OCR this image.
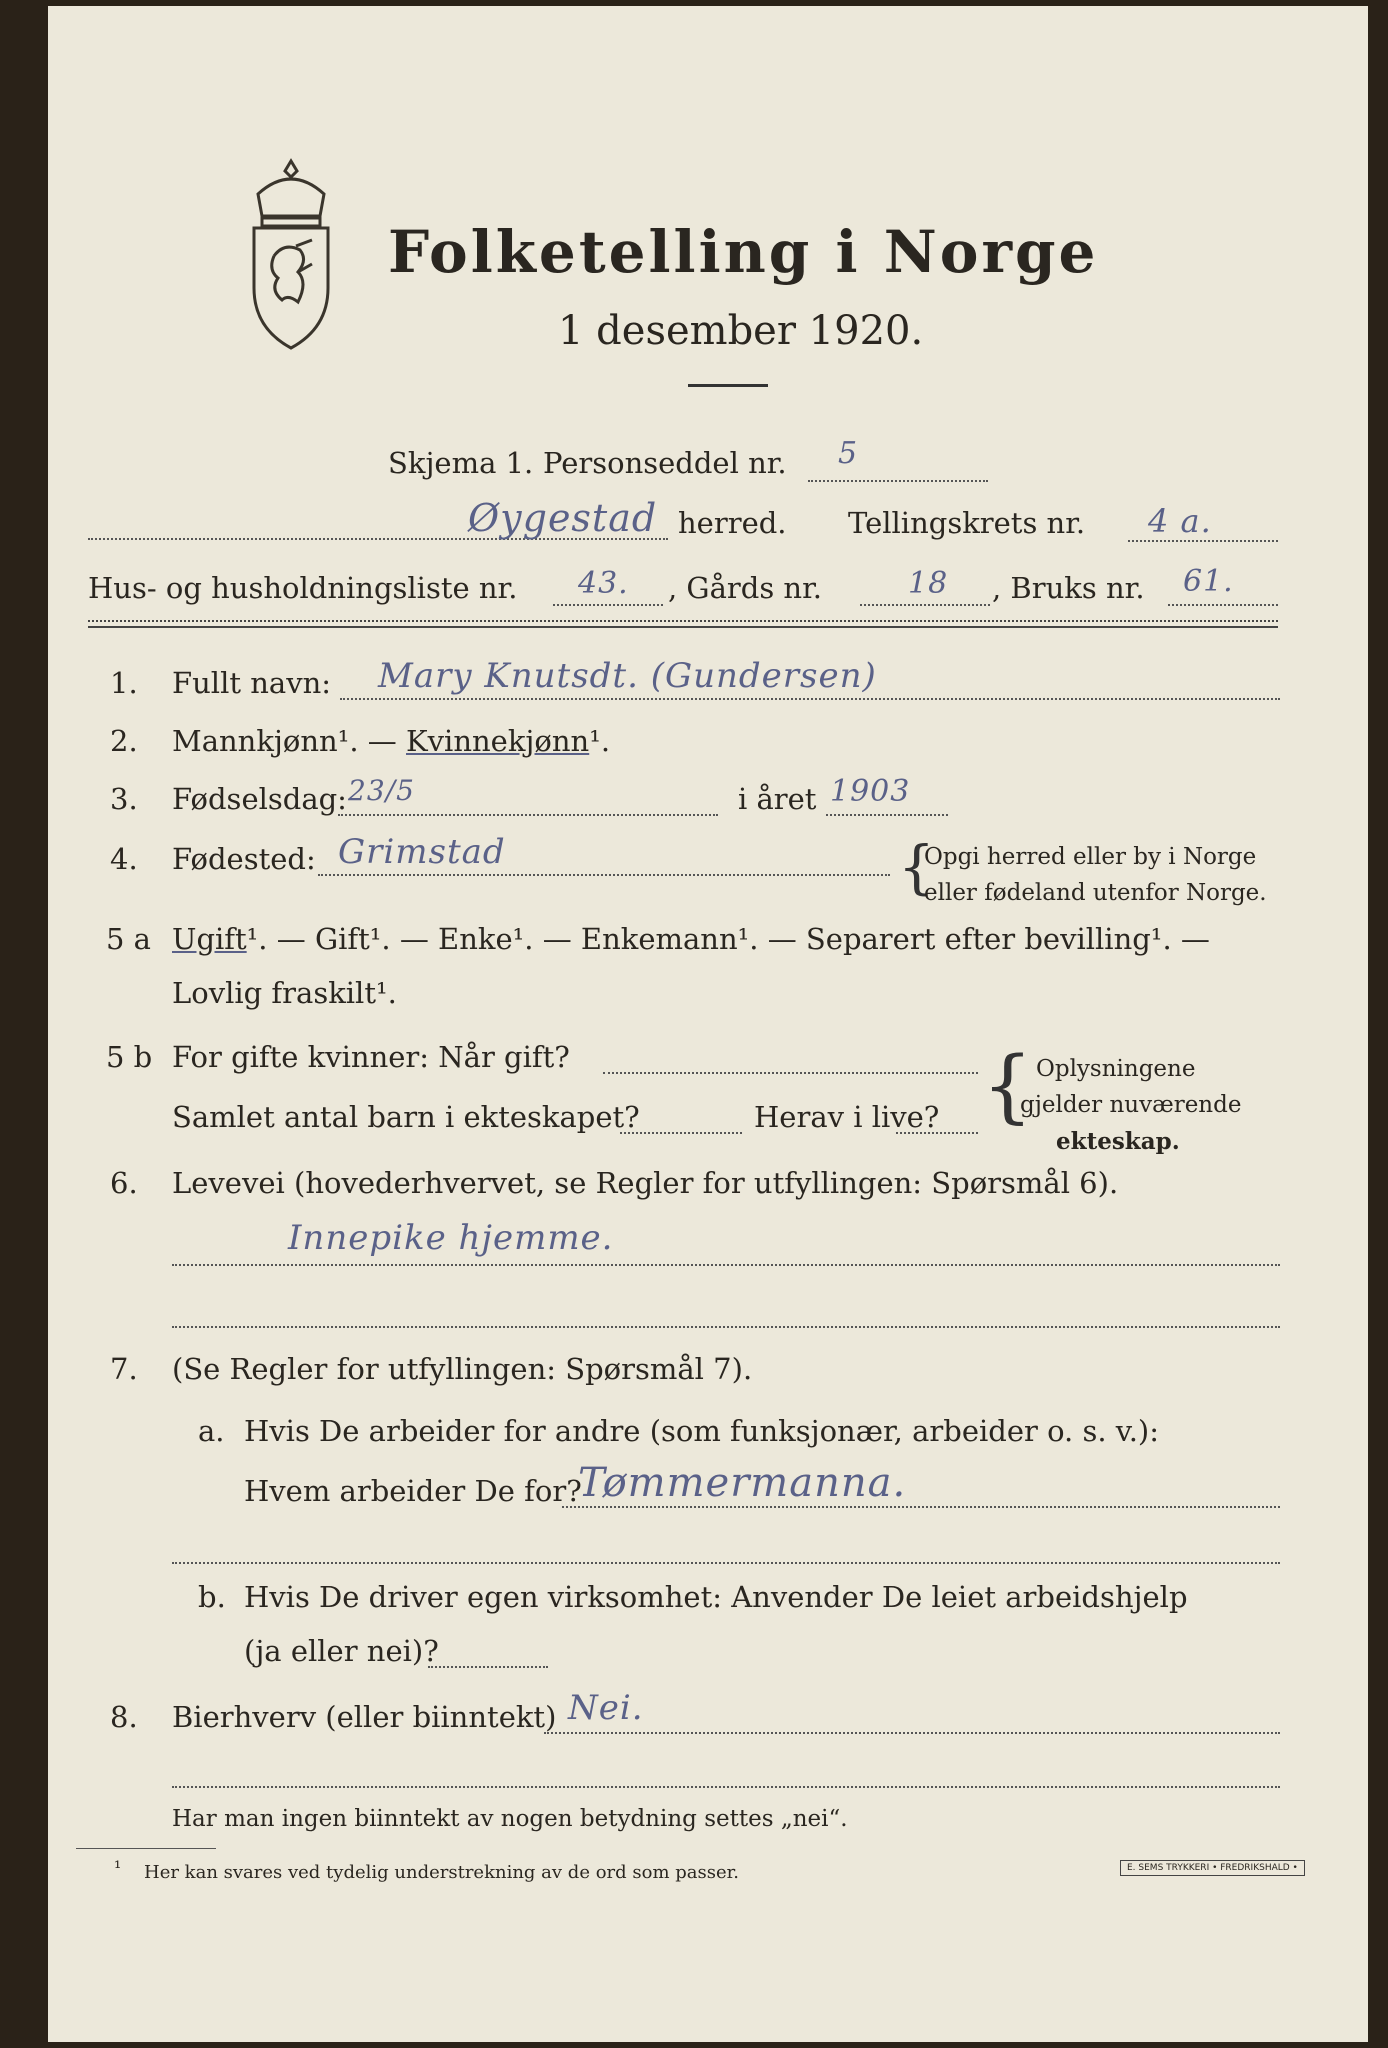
Folketelling i Norge
1 desember 1920.
Skjema 1. Personseddel nr. 5
Øygestad herred. Tellingskrets nr. 4 a.
Hus- og husholdningsliste nr. 43. , Gårds nr.	18 , Bruks nr. 61.
1. Fullt navn: Mary Knutsdt. (Gundersen)
2. Mannkjønn¹. — Kvinnekjønn¹.
3. Fødselsdag: 23/5	i året 1903
4. Fødested: Grimstad	{
Opgi herred eller by i Norge
eller fødeland utenfor Norge.
5 a Ugift¹. — Gift¹. — Enke¹. — Enkemann¹. — Separert efter bevilling¹. —
Lovlig fraskilt¹.
5 b For gifte kvinner: Når gift?
Samlet antal barn i ekteskapet?	Herav i live? { Oplysningene
gjelder nuværende
ekteskap.
6. Levevei (hovederhvervet, se Regler for utfyllingen: Spørsmål 6).
Innepike hjemme.
7. (Se Regler for utfyllingen: Spørsmål 7).
a. Hvis De arbeider for andre (som funksjonær, arbeider o. s. v.):
Hvem arbeider De for?
Tømmermanna.
b. Hvis De driver egen virksomhet: Anvender De leiet arbeidshjelp
(ja eller nei)?
8. Bierhverv (eller biinntekt) Nei.
Har man ingen biinntekt av nogen betydning settes „nei“.
¹ Her kan svares ved tydelig understrekning av de ord som passer.	E. SEMS TRYKKERI • FREDRIKSHALD •
